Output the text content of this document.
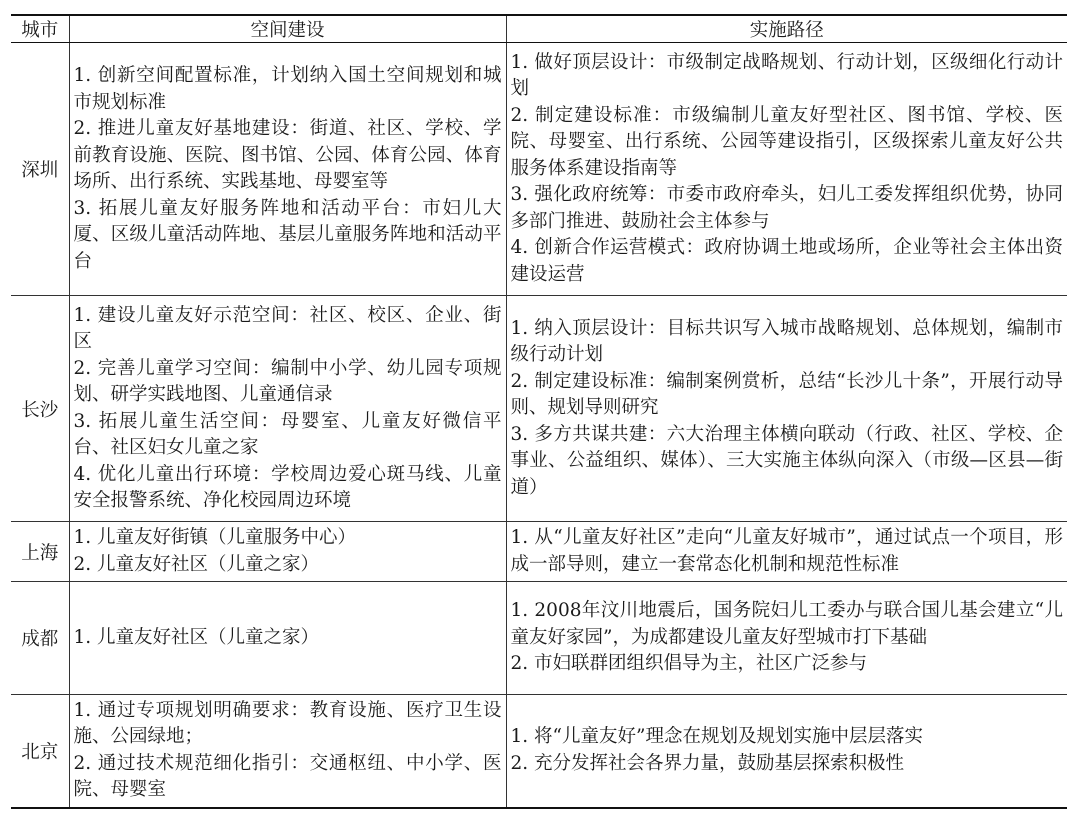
城市	空间建设	实施路径
深圳	1. 创新空间配置标准，计划纳入国土空间规划和城市规划标准
2. 推进儿童友好基地建设：街道、社区、学校、学前教育设施、医院、图书馆、公园、体育公园、体育场所、出行系统、实践基地、母婴室等
3. 拓展儿童友好服务阵地和活动平台：市妇儿大厦、区级儿童活动阵地、基层儿童服务阵地和活动平台	1. 做好顶层设计：市级制定战略规划、行动计划，区级细化行动计划
2. 制定建设标准：市级编制儿童友好型社区、图书馆、学校、医院、母婴室、出行系统、公园等建设指引，区级探索儿童友好公共服务体系建设指南等
3. 强化政府统筹：市委市政府牵头，妇儿工委发挥组织优势，协同多部门推进、鼓励社会主体参与
4. 创新合作运营模式：政府协调土地或场所，企业等社会主体出资建设运营

长沙	1. 建设儿童友好示范空间：社区、校区、企业、街区
2. 完善儿童学习空间：编制中小学、幼儿园专项规划、研学实践地图、儿童通信录
3. 拓展儿童生活空间：母婴室、儿童友好微信平台、社区妇女儿童之家
4. 优化儿童出行环境：学校周边爱心斑马线、儿童安全报警系统、净化校园周边环境	1. 纳入顶层设计：目标共识写入城市战略规划、总体规划，编制市级行动计划
2. 制定建设标准：编制案例赏析，总结“长沙儿十条”，开展行动导则、规划导则研究
3. 多方共谋共建：六大治理主体横向联动（行政、社区、学校、企事业、公益组织、媒体）、三大实施主体纵向深入（市级—区县—街道）

上海	1. 儿童友好街镇（儿童服务中心）
2. 儿童友好社区（儿童之家）	1. 从“儿童友好社区”走向“儿童友好城市”，通过试点一个项目，形成一部导则，建立一套常态化机制和规范性标准

成都	1. 儿童友好社区（儿童之家）	1. 2008年汶川地震后，国务院妇儿工委办与联合国儿基会建立“儿童友好家园”，为成都建设儿童友好型城市打下基础
2. 市妇联群团组织倡导为主，社区广泛参与

北京	1. 通过专项规划明确要求：教育设施、医疗卫生设施、公园绿地；
2. 通过技术规范细化指引：交通枢纽、中小学、医院、母婴室	1. 将“儿童友好”理念在规划及规划实施中层层落实
2. 充分发挥社会各界力量，鼓励基层探索积极性
